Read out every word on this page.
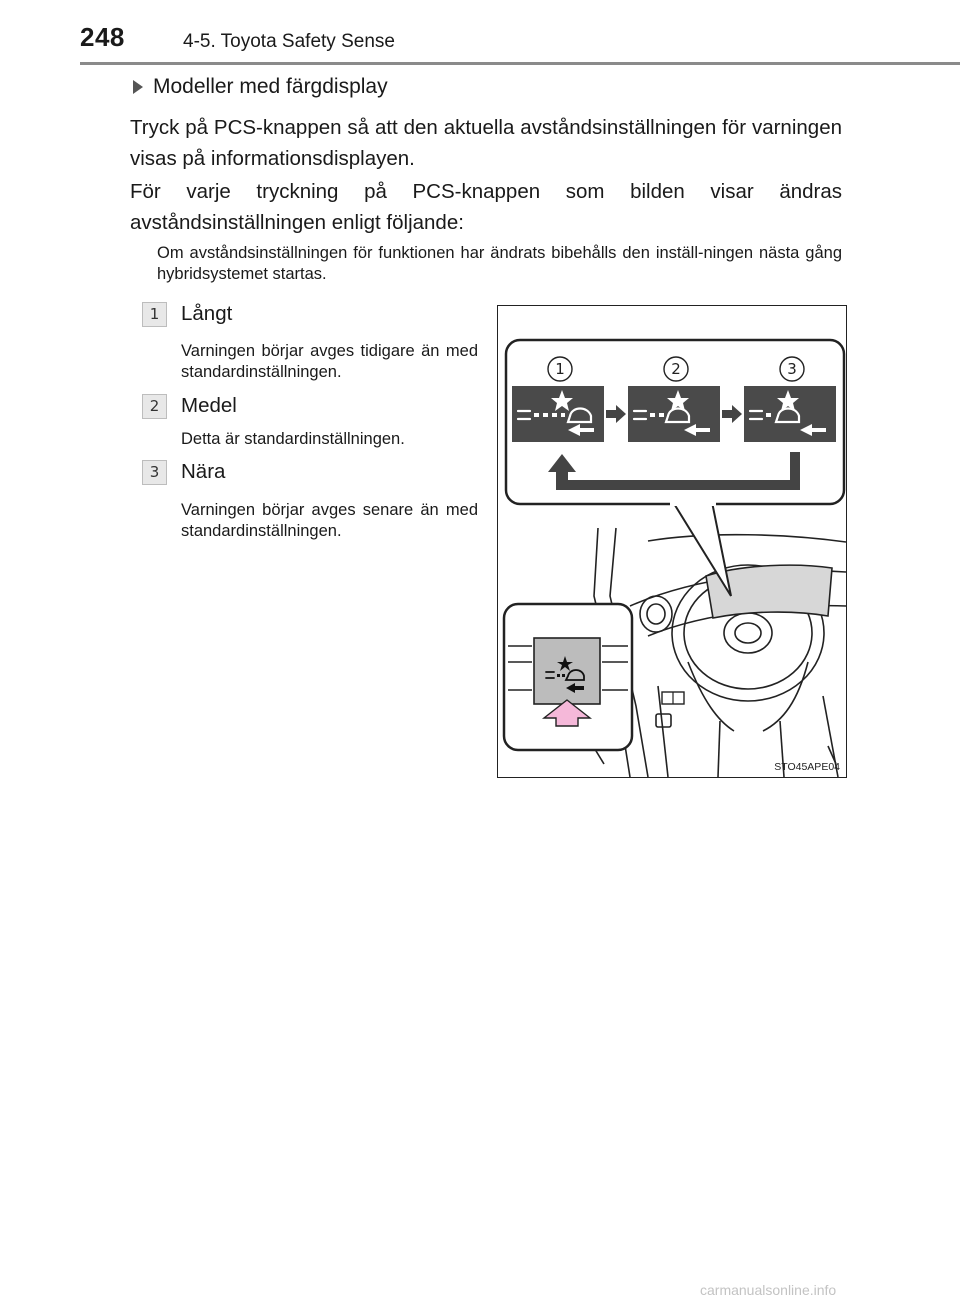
248	4-5. Toyota Safety Sense
Modeller med färgdisplay
Tryck på PCS-knappen så att den aktuella avståndsinställningen för varningen visas på informationsdisplayen.
För varje tryckning på PCS-knappen som bilden visar ändras avståndsinställningen enligt följande:
Om avståndsinställningen för funktionen har ändrats bibehålls den inställ-ningen nästa gång hybridsystemet startas.
1	Långt
Varningen börjar avges tidigare än med standardinställningen.
2	Medel
Detta är standardinställningen.
3	Nära
Varningen börjar avges senare än med standardinställningen.
1	2	3
STO45APE04
carmanualsonline.info
